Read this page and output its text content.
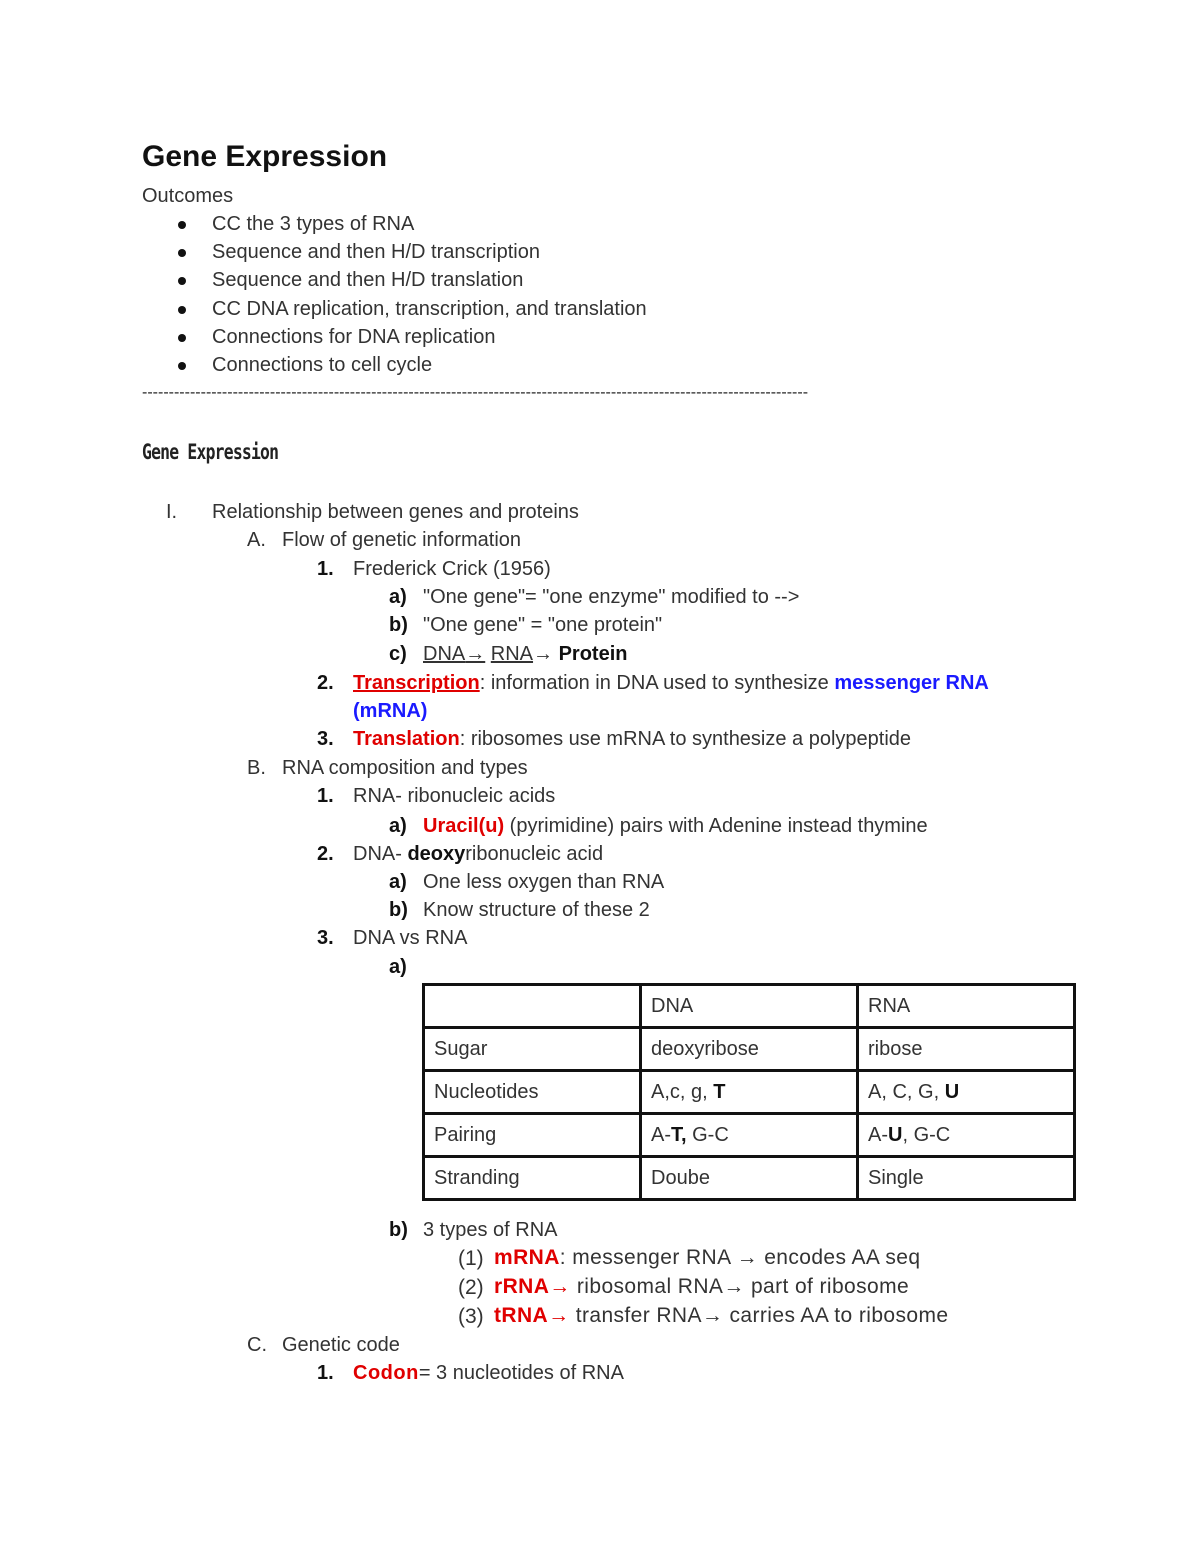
Gene Expression
Outcomes
CC the 3 types of RNA
Sequence and then H/D transcription
Sequence and then H/D translation
CC DNA replication, transcription, and translation
Connections for DNA replication
Connections to cell cycle
-----------------------------------------------------------------------------------------------------------------------------
Gene Expression
I. Relationship between genes and proteins
A. Flow of genetic information
1. Frederick Crick (1956)
a) "One gene"= "one enzyme" modified to -->
b) "One gene" = "one protein"
c) DNA→ RNA→ Protein
2. Transcription: information in DNA used to synthesize messenger RNA
(mRNA)
3. Translation: ribosomes use mRNA to synthesize a polypeptide
B. RNA composition and types
1. RNA- ribonucleic acids
a) Uracil(u) (pyrimidine) pairs with Adenine instead thymine
2. DNA- deoxyribonucleic acid
a) One less oxygen than RNA
b) Know structure of these 2
3. DNA vs RNA
a)
	DNA	RNA
Sugar	deoxyribose	ribose
Nucleotides	A,c, g, T	A, C, G, U
Pairing	A-T, G-C	A-U, G-C
Stranding	Doube	Single
b) 3 types of RNA
(1) mRNA: messenger RNA → encodes AA seq
(2) rRNA→ ribosomal RNA→ part of ribosome
(3) tRNA→ transfer RNA→ carries AA to ribosome
C. Genetic code
1. Codon= 3 nucleotides of RNA
